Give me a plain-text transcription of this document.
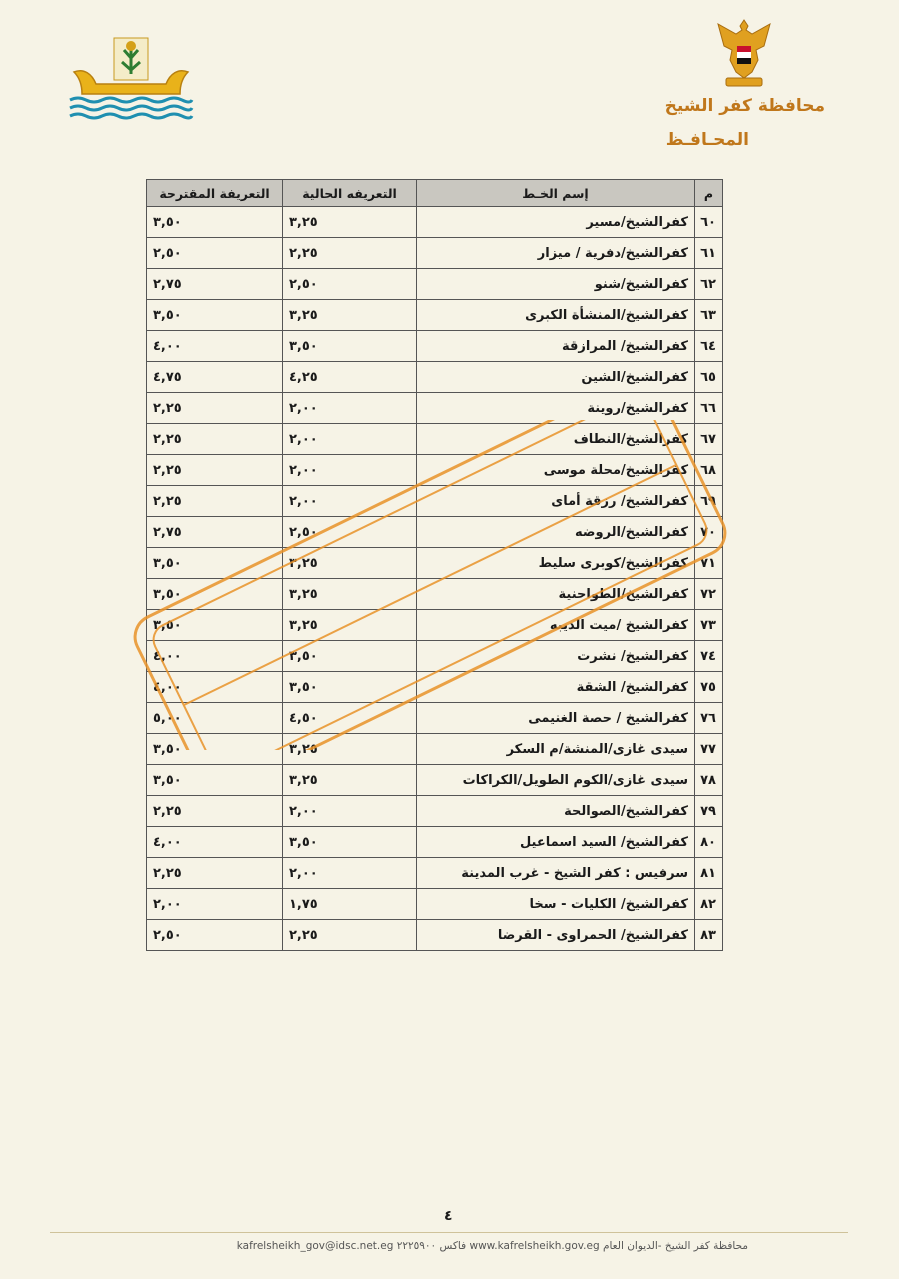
محافظة كفر الشيخ
المحـافـظ
م	إسم الخـط	التعريفه الحالية	التعريفة المقترحة
٦٠	كفرالشيخ/مسير	٣,٢٥	٣,٥٠
٦١	كفرالشيخ/دفرية / ميزار	٢,٢٥	٢,٥٠
٦٢	كفرالشيخ/شنو	٢,٥٠	٢,٧٥
٦٣	كفرالشيخ/المنشأة الكبرى	٣,٢٥	٣,٥٠
٦٤	كفرالشيخ/ المرازقة	٣,٥٠	٤,٠٠
٦٥	كفرالشيخ/الشين	٤,٢٥	٤,٧٥
٦٦	كفرالشيخ/روينة	٢,٠٠	٢,٢٥
٦٧	كفرالشيخ/النطاف	٢,٠٠	٢,٢٥
٦٨	كفرالشيخ/محلة موسى	٢,٠٠	٢,٢٥
٦٩	كفرالشيخ/ رزقة أماى	٢,٠٠	٢,٢٥
٧٠	كفرالشيخ/الروضه	٢,٥٠	٢,٧٥
٧١	كفرالشيخ/كوبرى سليط	٣,٢٥	٣,٥٠
٧٢	كفرالشيخ/الطواحنية	٣,٢٥	٣,٥٠
٧٣	كفرالشيخ /ميت الديبه	٣,٢٥	٣,٥٠
٧٤	كفرالشيخ/ نشرت	٣,٥٠	٤,٠٠
٧٥	كفرالشيخ/ الشقة	٣,٥٠	٤,٠٠
٧٦	كفرالشيخ / حصة الغنيمى	٤,٥٠	٥,٠٠
٧٧	سيدى غازى/المنشة/م السكر	٣,٢٥	٣,٥٠
٧٨	سيدى غازى/الكوم الطويل/الكراكات	٣,٢٥	٣,٥٠
٧٩	كفرالشيخ/الصوالحة	٢,٠٠	٢,٢٥
٨٠	كفرالشيخ/ السيد اسماعيل	٣,٥٠	٤,٠٠
٨١	سرفيس : كفر الشيخ - غرب المدينة	٢,٠٠	٢,٢٥
٨٢	كفرالشيخ/ الكليات - سخا	١,٧٥	٢,٠٠
٨٣	كفرالشيخ/ الحمراوى - القرضا	٢,٢٥	٢,٥٠
٤
محافظة كفر الشيخ -الديوان العام www.kafrelsheikh.gov.eg فاكس ٢٢٢٥٩٠٠ kafrelsheikh_gov@idsc.net.eg
